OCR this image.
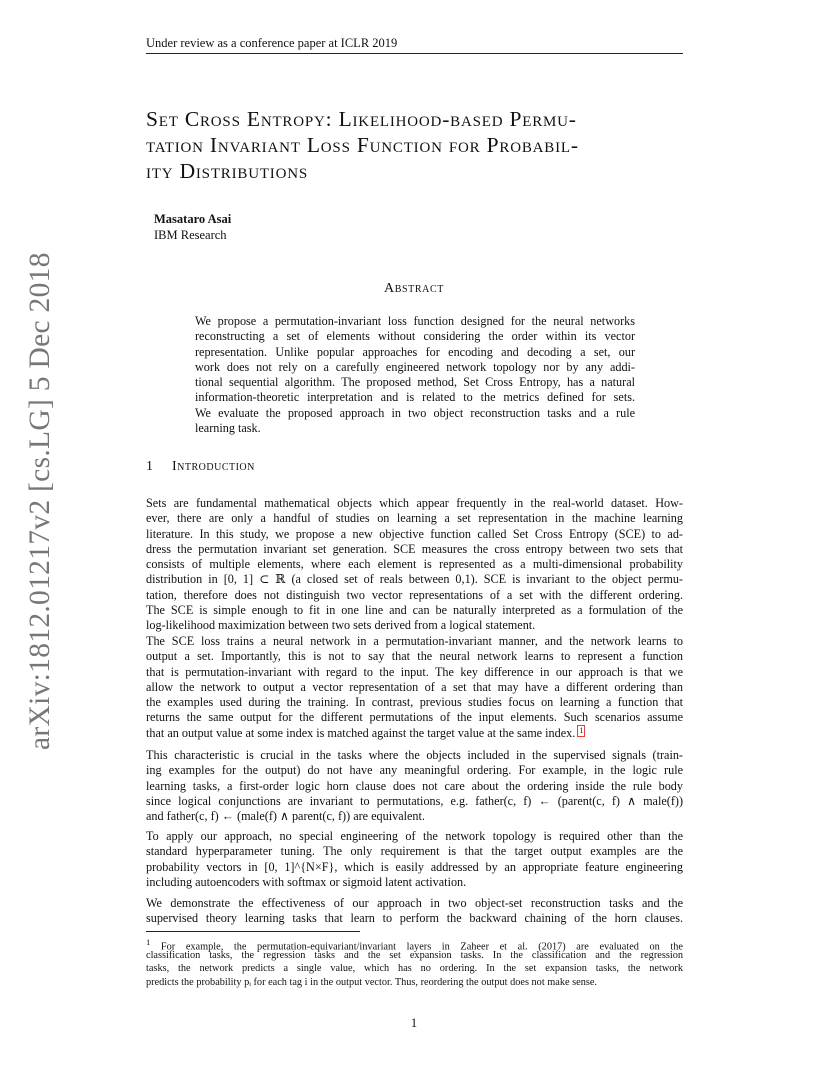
Under review as a conference paper at ICLR 2019
arXiv:1812.01217v2 [cs.LG] 5 Dec 2018
Set Cross Entropy: Likelihood-based Permu-
tation Invariant Loss Function for Probabil-
ity Distributions
Masataro Asai
IBM Research
Abstract
We propose a permutation-invariant loss function designed for the neural networks
reconstructing a set of elements without considering the order within its vector
representation. Unlike popular approaches for encoding and decoding a set, our
work does not rely on a carefully engineered network topology nor by any addi-
tional sequential algorithm. The proposed method, Set Cross Entropy, has a natural
information-theoretic interpretation and is related to the metrics defined for sets.
We evaluate the proposed approach in two object reconstruction tasks and a rule
learning task.
1 Introduction
Sets are fundamental mathematical objects which appear frequently in the real-world dataset. How-
ever, there are only a handful of studies on learning a set representation in the machine learning
literature. In this study, we propose a new objective function called Set Cross Entropy (SCE) to ad-
dress the permutation invariant set generation. SCE measures the cross entropy between two sets that
consists of multiple elements, where each element is represented as a multi-dimensional probability
distribution in [0, 1] ⊂ ℝ (a closed set of reals between 0,1). SCE is invariant to the object permu-
tation, therefore does not distinguish two vector representations of a set with the different ordering.
The SCE is simple enough to fit in one line and can be naturally interpreted as a formulation of the
log-likelihood maximization between two sets derived from a logical statement.
The SCE loss trains a neural network in a permutation-invariant manner, and the network learns to
output a set. Importantly, this is not to say that the neural network learns to represent a function
that is permutation-invariant with regard to the input. The key difference in our approach is that we
allow the network to output a vector representation of a set that may have a different ordering than
the examples used during the training. In contrast, previous studies focus on learning a function that
returns the same output for the different permutations of the input elements. Such scenarios assume
that an output value at some index is matched against the target value at the same index. 1
This characteristic is crucial in the tasks where the objects included in the supervised signals (train-
ing examples for the output) do not have any meaningful ordering. For example, in the logic rule
learning tasks, a first-order logic horn clause does not care about the ordering inside the rule body
since logical conjunctions are invariant to permutations, e.g. father(c, f) ← (parent(c, f) ∧ male(f))
and father(c, f) ← (male(f) ∧ parent(c, f)) are equivalent.
To apply our approach, no special engineering of the network topology is required other than the
standard hyperparameter tuning. The only requirement is that the target output examples are the
probability vectors in [0, 1]^{N×F}, which is easily addressed by an appropriate feature engineering
including autoencoders with softmax or sigmoid latent activation.
We demonstrate the effectiveness of our approach in two object-set reconstruction tasks and the
supervised theory learning tasks that learn to perform the backward chaining of the horn clauses.
$^1$ For example, the permutation-equivariant/invariant layers in Zaheer et al. (2017) are evaluated on the
classification tasks, the regression tasks and the set expansion tasks. In the classification and the regression
tasks, the network predicts a single value, which has no ordering. In the set expansion tasks, the network
predicts the probability pᵢ for each tag i in the output vector. Thus, reordering the output does not make sense.
1
